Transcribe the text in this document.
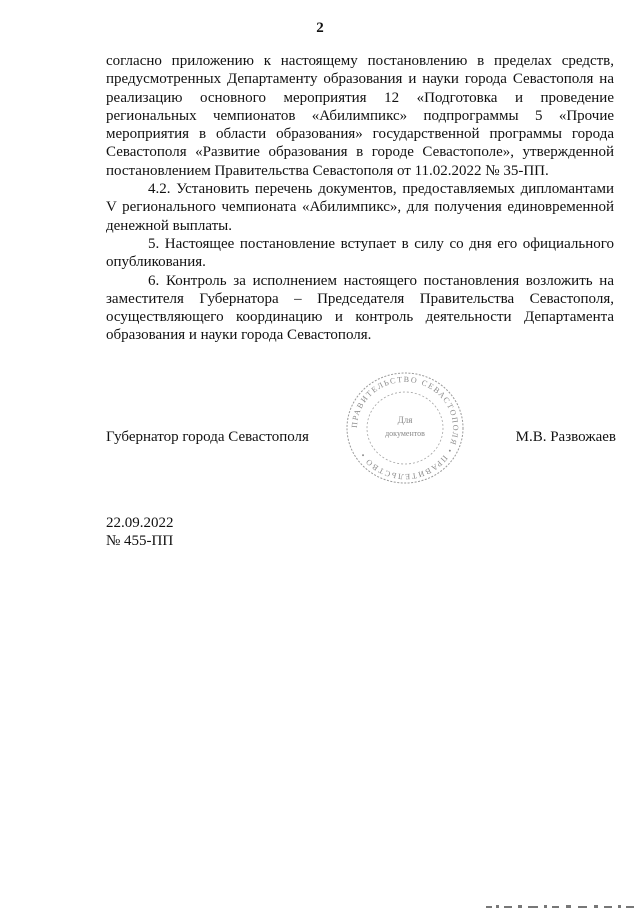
2

согласно приложению к настоящему постановлению в пределах средств, предусмотренных Департаменту образования и науки города Севастополя на реализацию основного мероприятия 12 «Подготовка и проведение региональных чемпионатов «Абилимпикс» подпрограммы 5 «Прочие мероприятия в области образования» государственной программы города Севастополя «Развитие образования в городе Севастополе», утвержденной постановлением Правительства Севастополя от 11.02.2022 № 35-ПП.

4.2. Установить перечень документов, предоставляемых дипломантами V регионального чемпионата «Абилимпикс», для получения единовременной денежной выплаты.

5. Настоящее постановление вступает в силу со дня его официального опубликования.

6. Контроль за исполнением настоящего постановления возложить на заместителя Губернатора – Председателя Правительства Севастополя, осуществляющего координацию и контроль деятельности Департамента образования и науки города Севастополя.

ПРАВИТЕЛЬСТВО СЕВАСТОПОЛЯ • ПРАВИТЕЛЬСТВО •
Для
документов
Губернатор города Севастополя	М.В. Развожаев
22.09.2022
№ 455-ПП
